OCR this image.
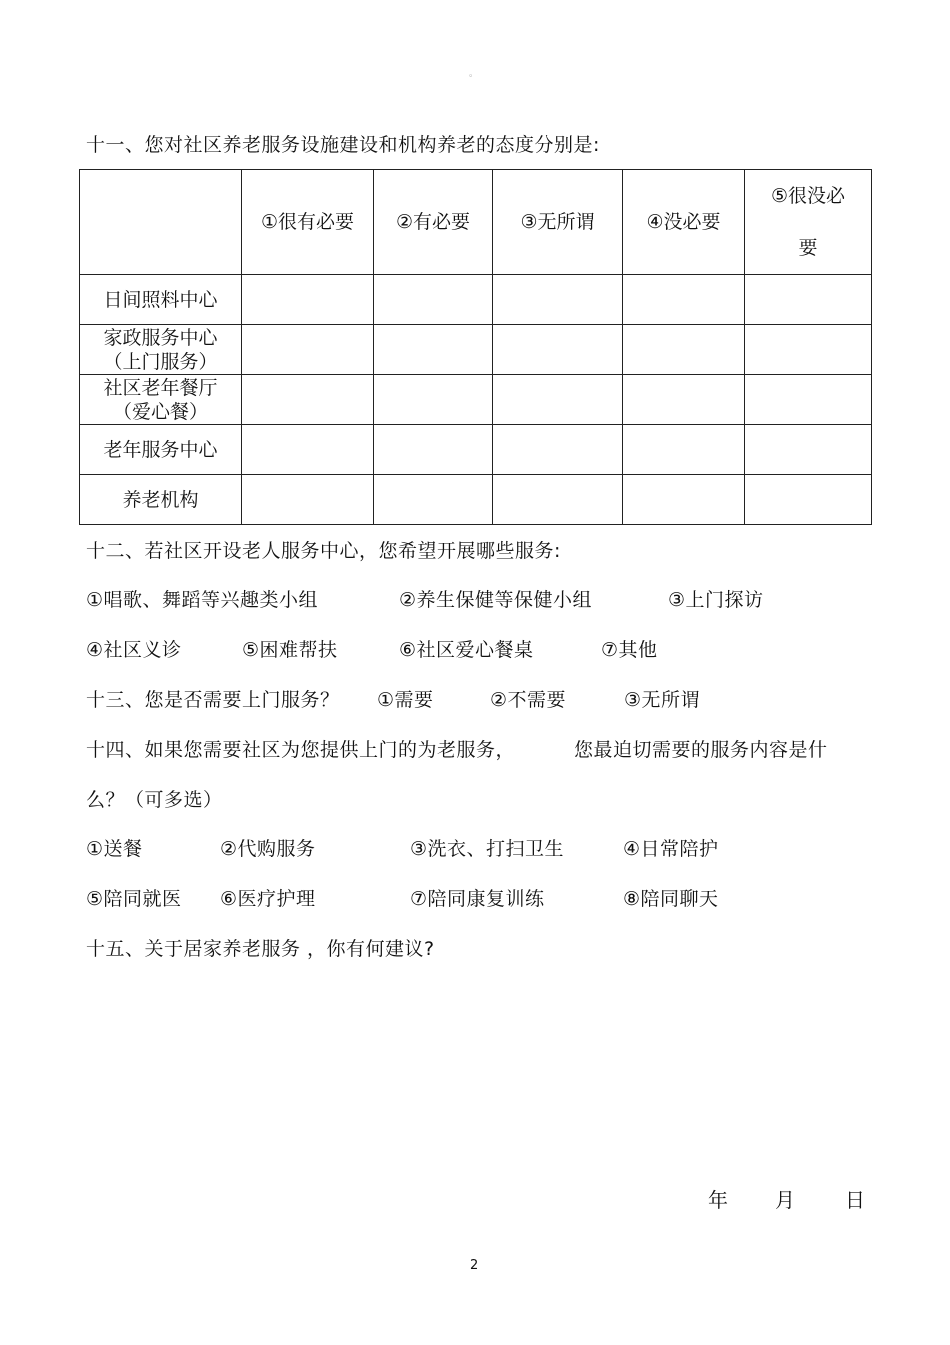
。
十一、您对社区养老服务设施建设和机构养老的态度分别是:
	①很有必要	②有必要	③无所谓	④没必要	⑤很没必要

日间照料中心					

家政服务中心
（上门服务）					

社区老年餐厅
（爱心餐）					

老年服务中心					

养老机构					

十二、若社区开设老人服务中心，您希望开展哪些服务:
①唱歌、舞蹈等兴趣类小组	②养生保健等保健小组	③上门探访
④社区义诊	⑤困难帮扶	⑥社区爱心餐桌	⑦其他
十三、您是否需要上门服务？ ①需要	②不需要	③无所谓
十四、如果您需要社区为您提供上门的为老服务，	您最迫切需要的服务内容是什
么？（可多选）
①送餐	②代购服务	③洗衣、打扫卫生	④日常陪护
⑤陪同就医 ⑥医疗护理	⑦陪同康复训练	⑧陪同聊天
十五、关于居家养老服务 ，你有何建议?
年 月	日
2
